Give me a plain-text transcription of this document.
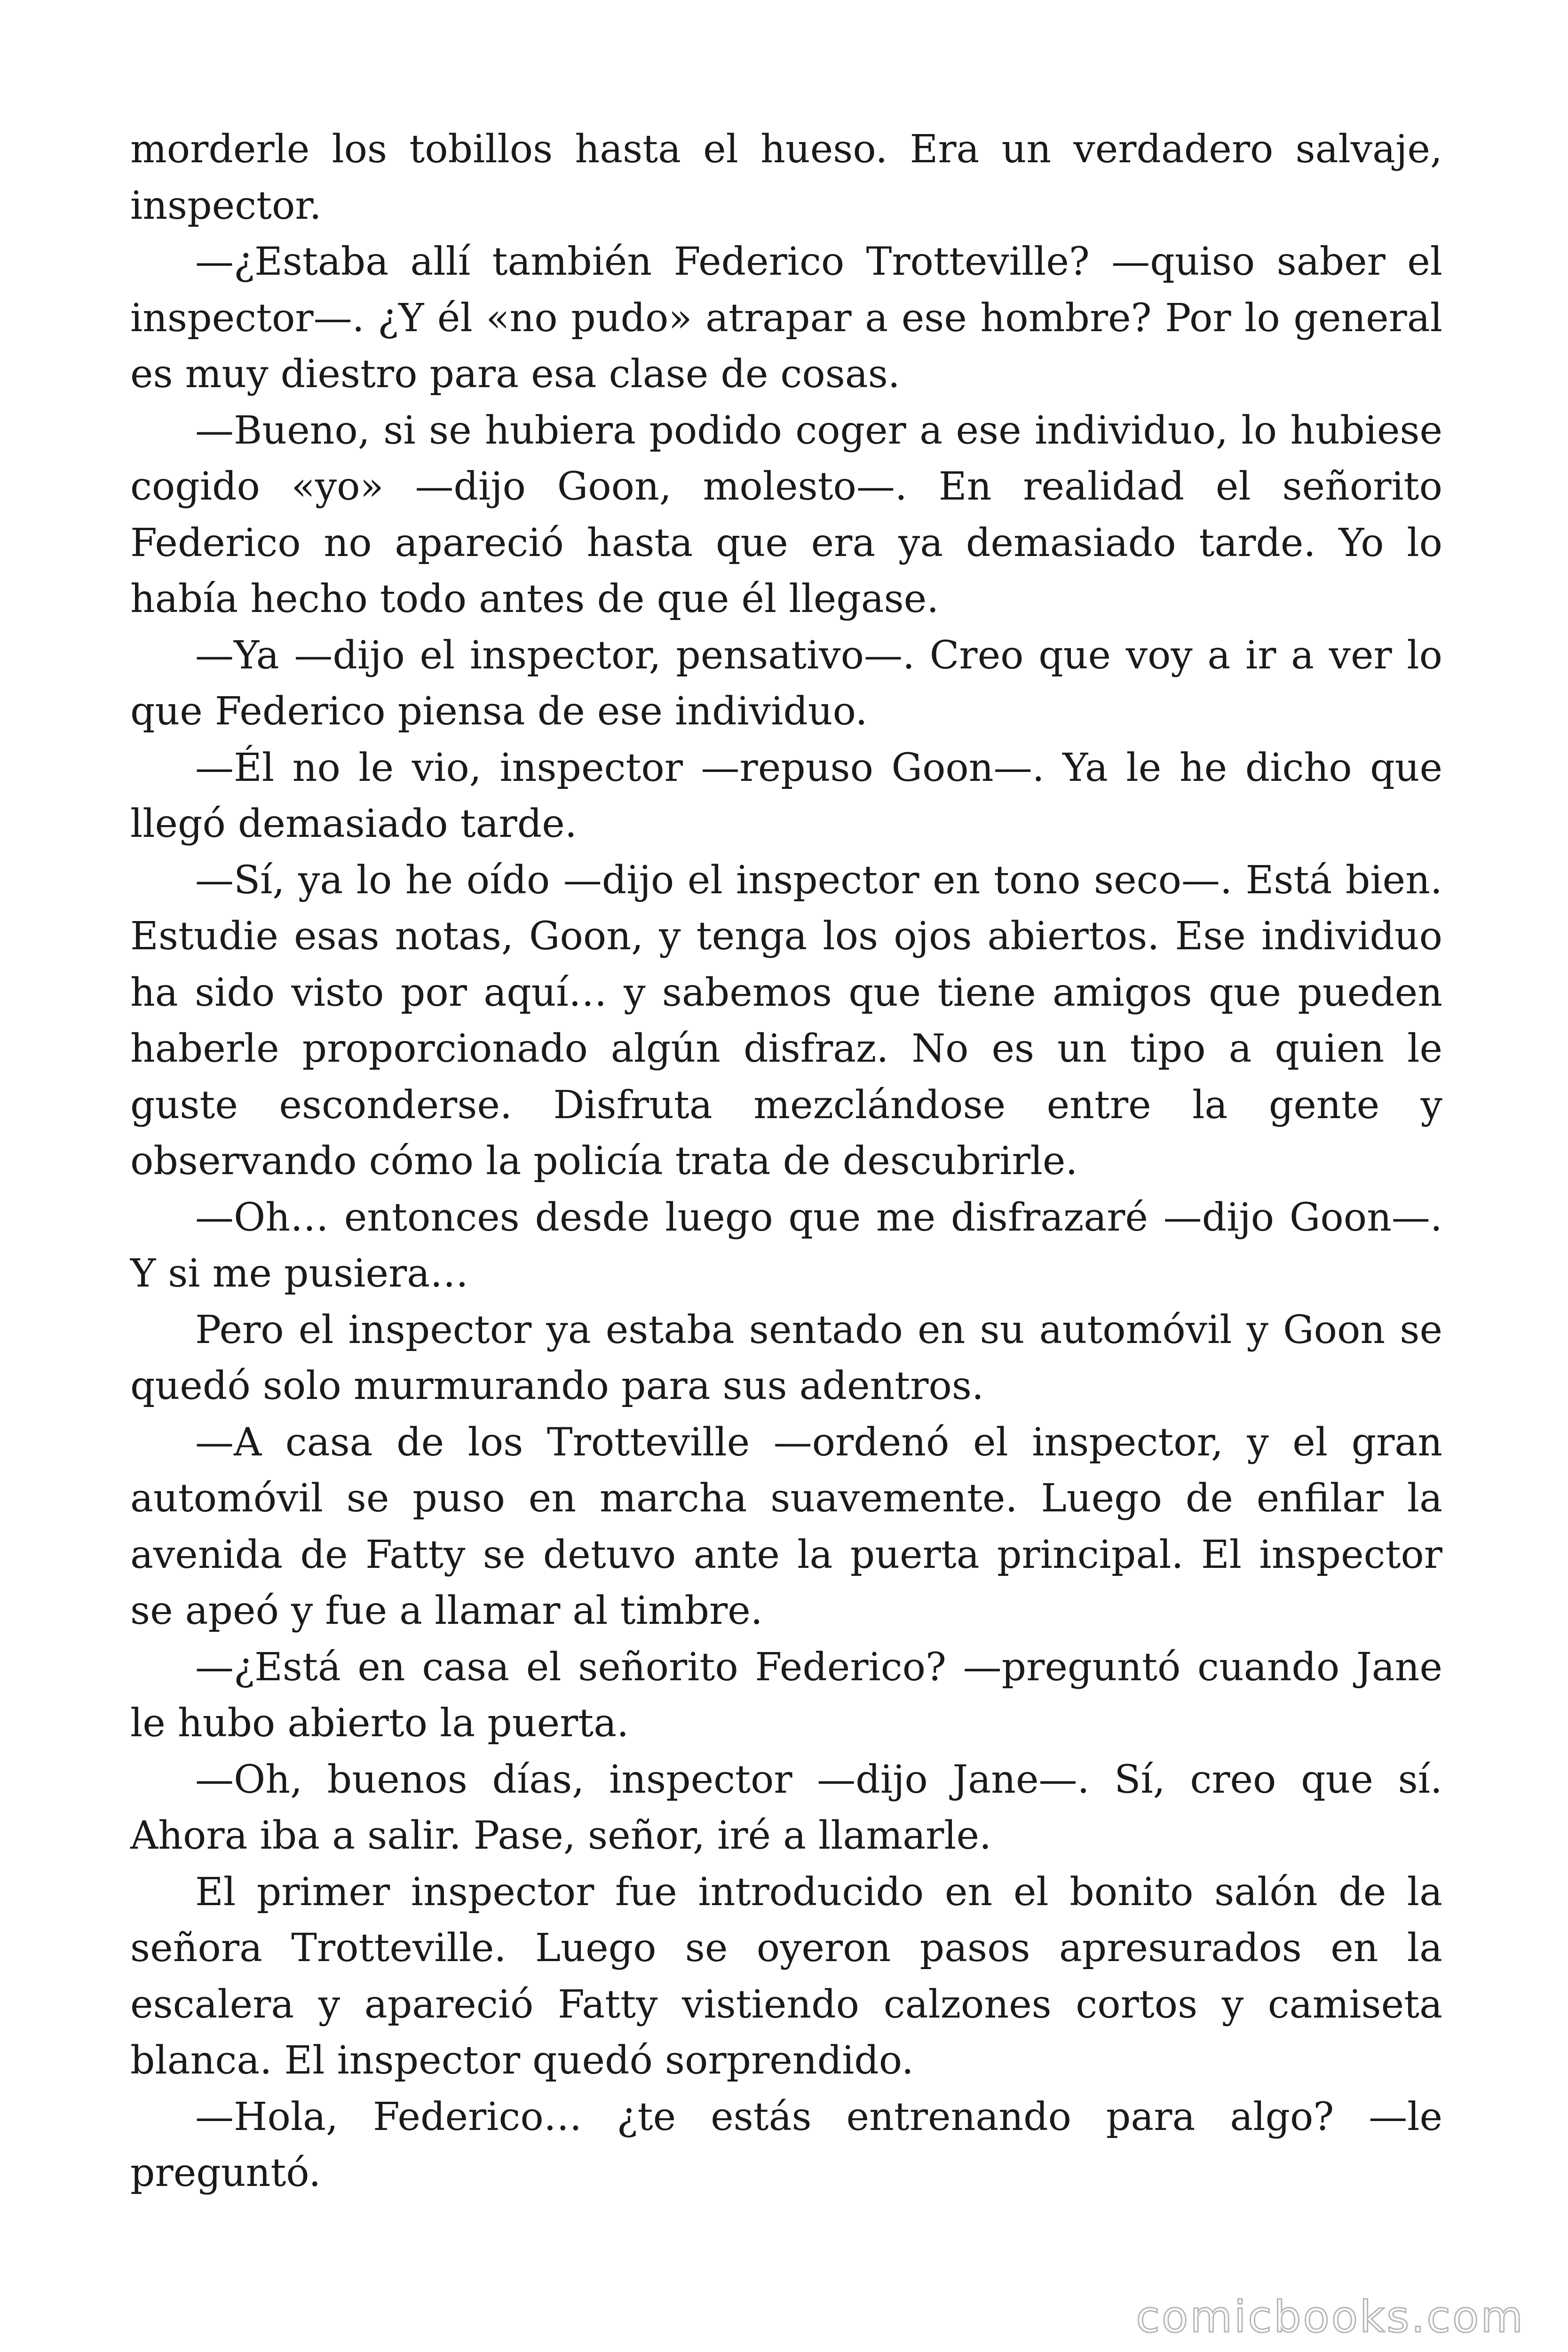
morderle los tobillos hasta el hueso. Era un verdadero salvaje, inspector.

—¿Estaba allí también Federico Trotteville? —quiso saber el inspector—. ¿Y él «no pudo» atrapar a ese hombre? Por lo general es muy diestro para esa clase de cosas.

—Bueno, si se hubiera podido coger a ese individuo, lo hubiese cogido «yo» —dijo Goon, molesto—. En realidad el señorito Federico no apareció hasta que era ya demasiado tarde. Yo lo había hecho todo antes de que él llegase.

—Ya —dijo el inspector, pensativo—. Creo que voy a ir a ver lo que Federico piensa de ese individuo.

—Él no le vio, inspector —repuso Goon—. Ya le he dicho que llegó demasiado tarde.

—Sí, ya lo he oído —dijo el inspector en tono seco—. Está bien. Estudie esas notas, Goon, y tenga los ojos abiertos. Ese individuo ha sido visto por aquí… y sabemos que tiene amigos que pueden haberle proporcionado algún disfraz. No es un tipo a quien le guste esconderse. Disfruta mezclándose entre la gente y observando cómo la policía trata de descubrirle.

—Oh… entonces desde luego que me disfrazaré —dijo Goon—. Y si me pusiera…

Pero el inspector ya estaba sentado en su automóvil y Goon se quedó solo murmurando para sus adentros.

—A casa de los Trotteville —ordenó el inspector, y el gran automóvil se puso en marcha suavemente. Luego de enfilar la avenida de Fatty se detuvo ante la puerta principal. El inspector se apeó y fue a llamar al timbre.

—¿Está en casa el señorito Federico? —preguntó cuando Jane le hubo abierto la puerta.

—Oh, buenos días, inspector —dijo Jane—. Sí, creo que sí. Ahora iba a salir. Pase, señor, iré a llamarle.

El primer inspector fue introducido en el bonito salón de la señora Trotteville. Luego se oyeron pasos apresurados en la escalera y apareció Fatty vistiendo calzones cortos y camiseta blanca. El inspector quedó sorprendido.

—Hola, Federico… ¿te estás entrenando para algo? —le preguntó.

comicbooks.com
